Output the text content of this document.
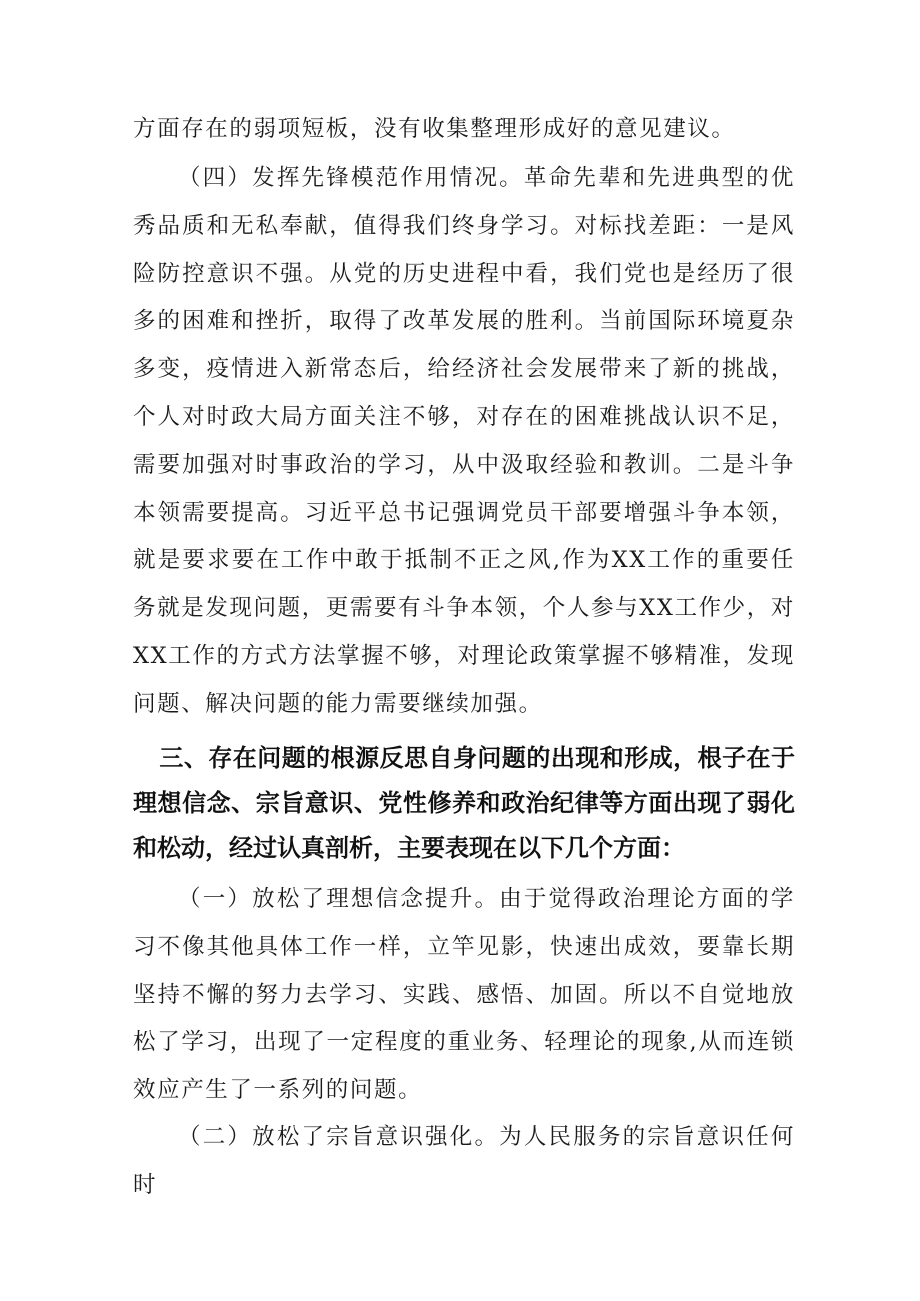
方面存在的弱项短板，没有收集整理形成好的意见建议。

（四）发挥先锋模范作用情况。革命先辈和先进典型的优秀品质和无私奉献，值得我们终身学习。对标找差距：一是风险防控意识不强。从党的历史进程中看，我们党也是经历了很多的困难和挫折，取得了改革发展的胜利。当前国际环境夏杂多变，疫情进入新常态后，给经济社会发展带来了新的挑战，个人对时政大局方面关注不够，对存在的困难挑战认识不足，需要加强对时事政治的学习，从中汲取经验和教训。二是斗争本领需要提高。习近平总书记强调党员干部要增强斗争本领，就是要求要在工作中敢于抵制不正之风,作为XX工作的重要任务就是发现问题，更需要有斗争本领，个人参与XX工作少，对XX工作的方式方法掌握不够，对理论政策掌握不够精准，发现问题、解决问题的能力需要继续加强。

三、存在问题的根源反思自身问题的出现和形成，根子在于理想信念、宗旨意识、党性修养和政治纪律等方面出现了弱化和松动，经过认真剖析，主要表现在以下几个方面：

（一）放松了理想信念提升。由于觉得政治理论方面的学习不像其他具体工作一样，立竿见影，快速出成效，要靠长期坚持不懈的努力去学习、实践、感悟、加固。所以不自觉地放松了学习，出现了一定程度的重业务、轻理论的现象,从而连锁效应产生了一系列的问题。

（二）放松了宗旨意识强化。为人民服务的宗旨意识任何时
